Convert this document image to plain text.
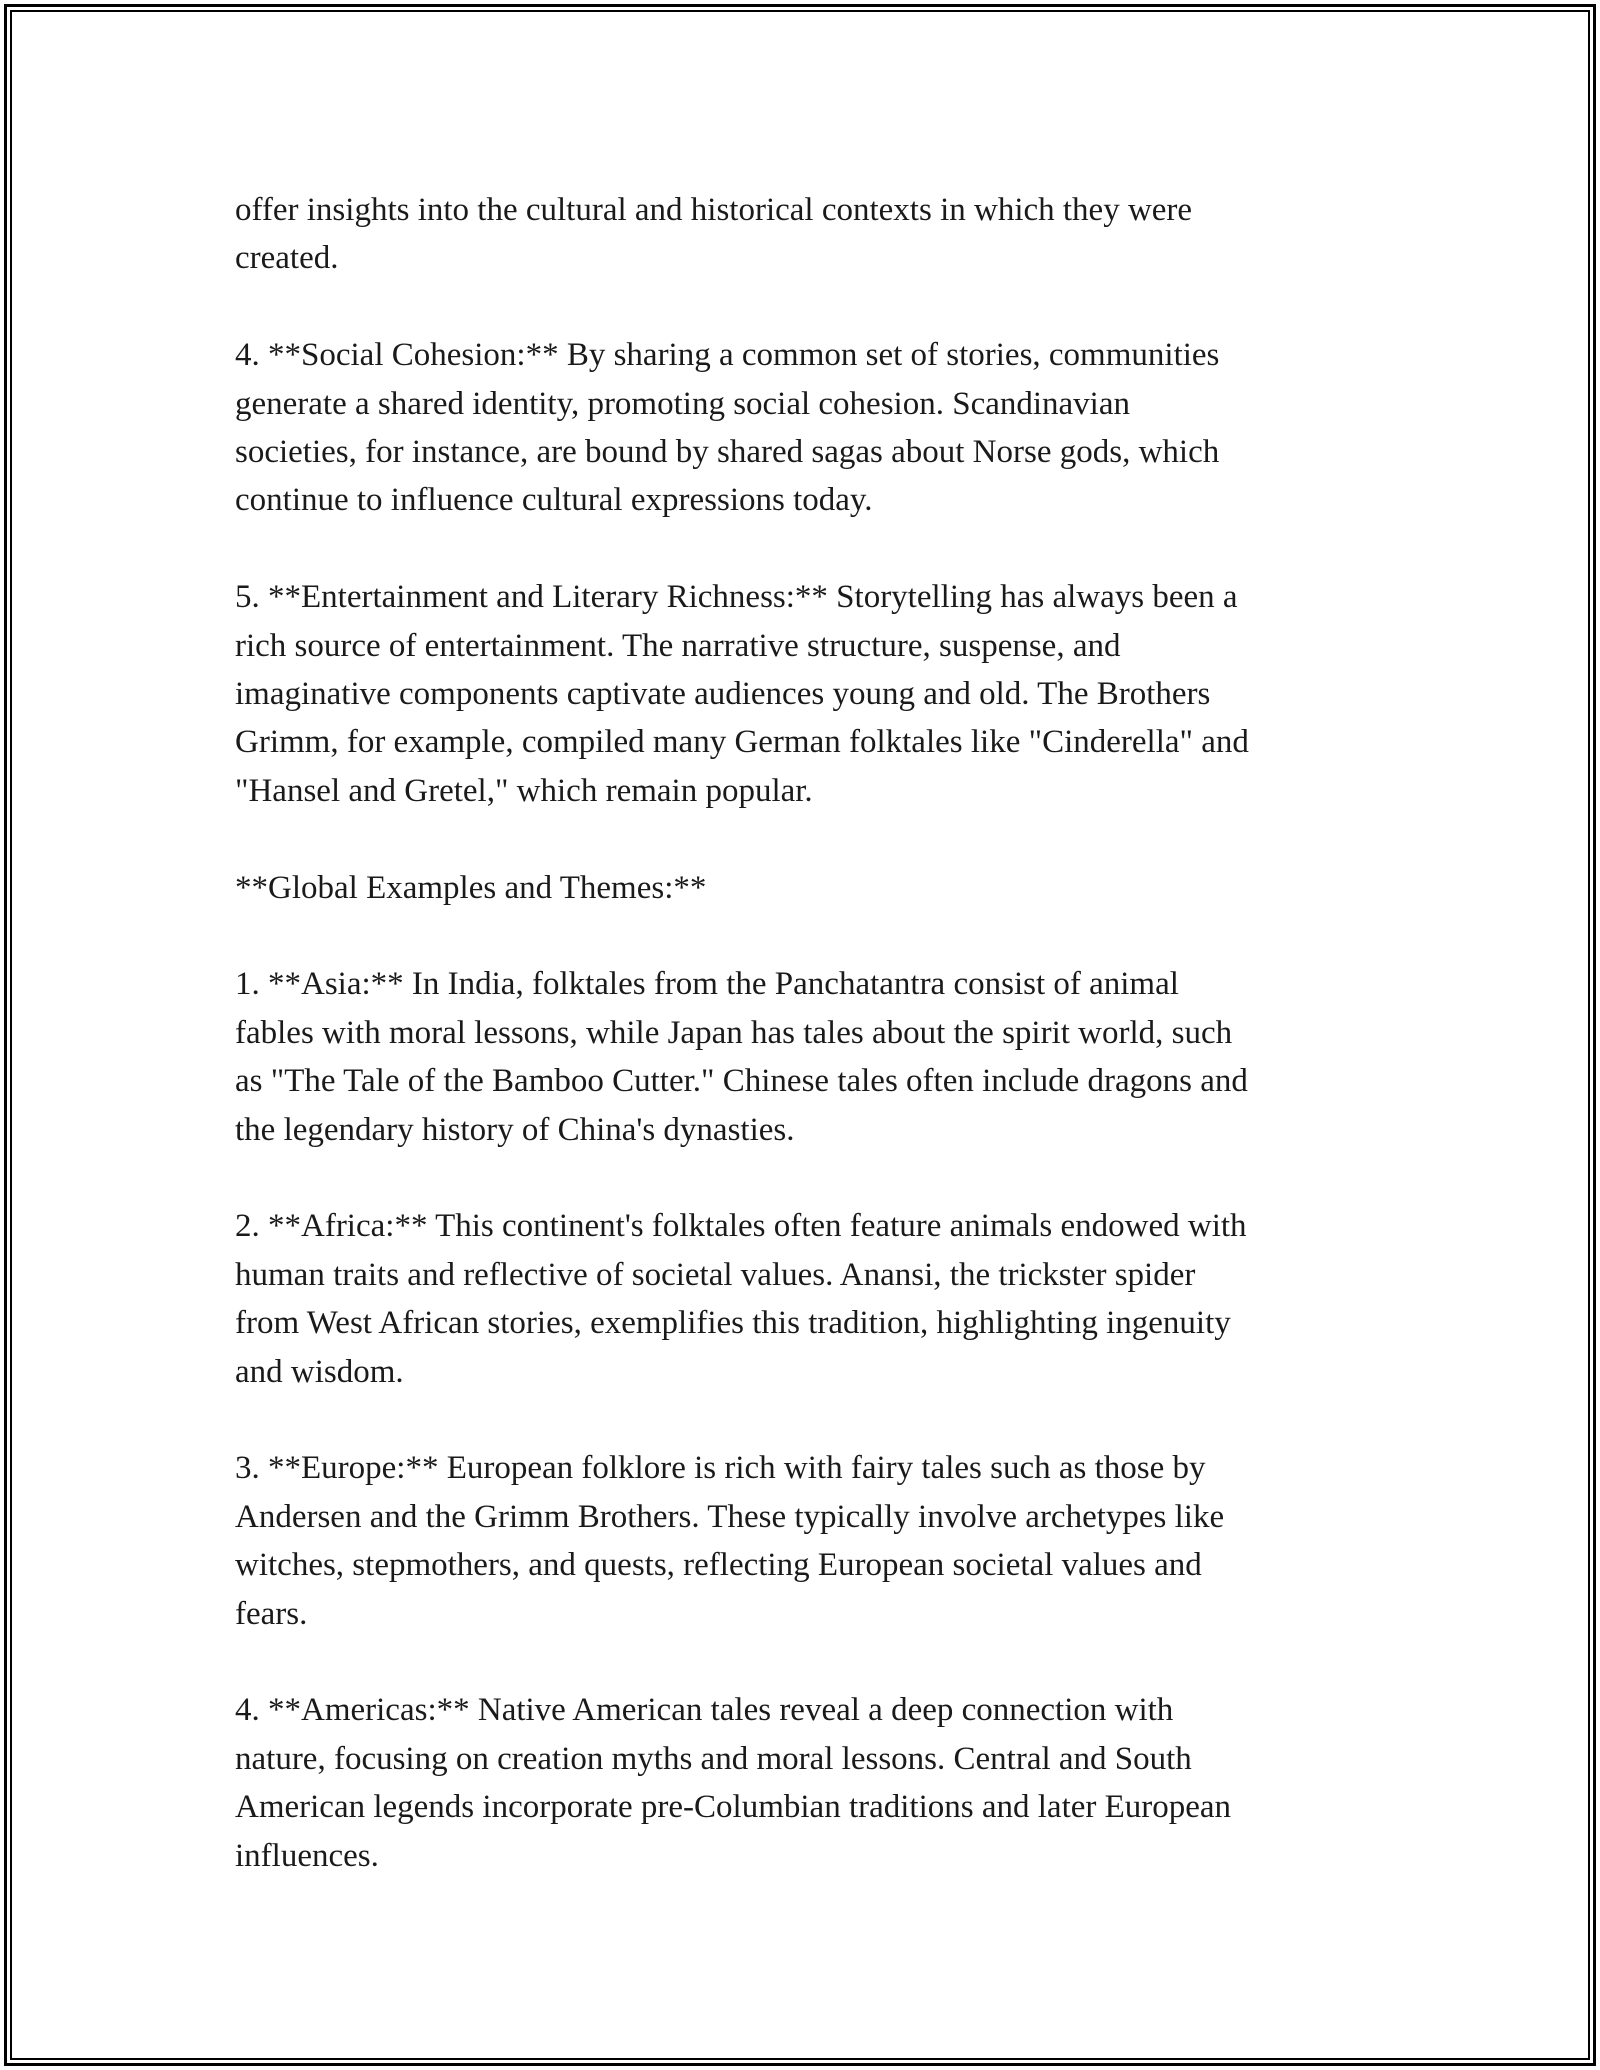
offer insights into the cultural and historical contexts in which they were
created.

4. **Social Cohesion:** By sharing a common set of stories, communities
generate a shared identity, promoting social cohesion. Scandinavian
societies, for instance, are bound by shared sagas about Norse gods, which
continue to influence cultural expressions today.

5. **Entertainment and Literary Richness:** Storytelling has always been a
rich source of entertainment. The narrative structure, suspense, and
imaginative components captivate audiences young and old. The Brothers
Grimm, for example, compiled many German folktales like "Cinderella" and
"Hansel and Gretel," which remain popular.

**Global Examples and Themes:**

1. **Asia:** In India, folktales from the Panchatantra consist of animal
fables with moral lessons, while Japan has tales about the spirit world, such
as "The Tale of the Bamboo Cutter." Chinese tales often include dragons and
the legendary history of China's dynasties.

2. **Africa:** This continent's folktales often feature animals endowed with
human traits and reflective of societal values. Anansi, the trickster spider
from West African stories, exemplifies this tradition, highlighting ingenuity
and wisdom.

3. **Europe:** European folklore is rich with fairy tales such as those by
Andersen and the Grimm Brothers. These typically involve archetypes like
witches, stepmothers, and quests, reflecting European societal values and
fears.

4. **Americas:** Native American tales reveal a deep connection with
nature, focusing on creation myths and moral lessons. Central and South
American legends incorporate pre-Columbian traditions and later European
influences.
